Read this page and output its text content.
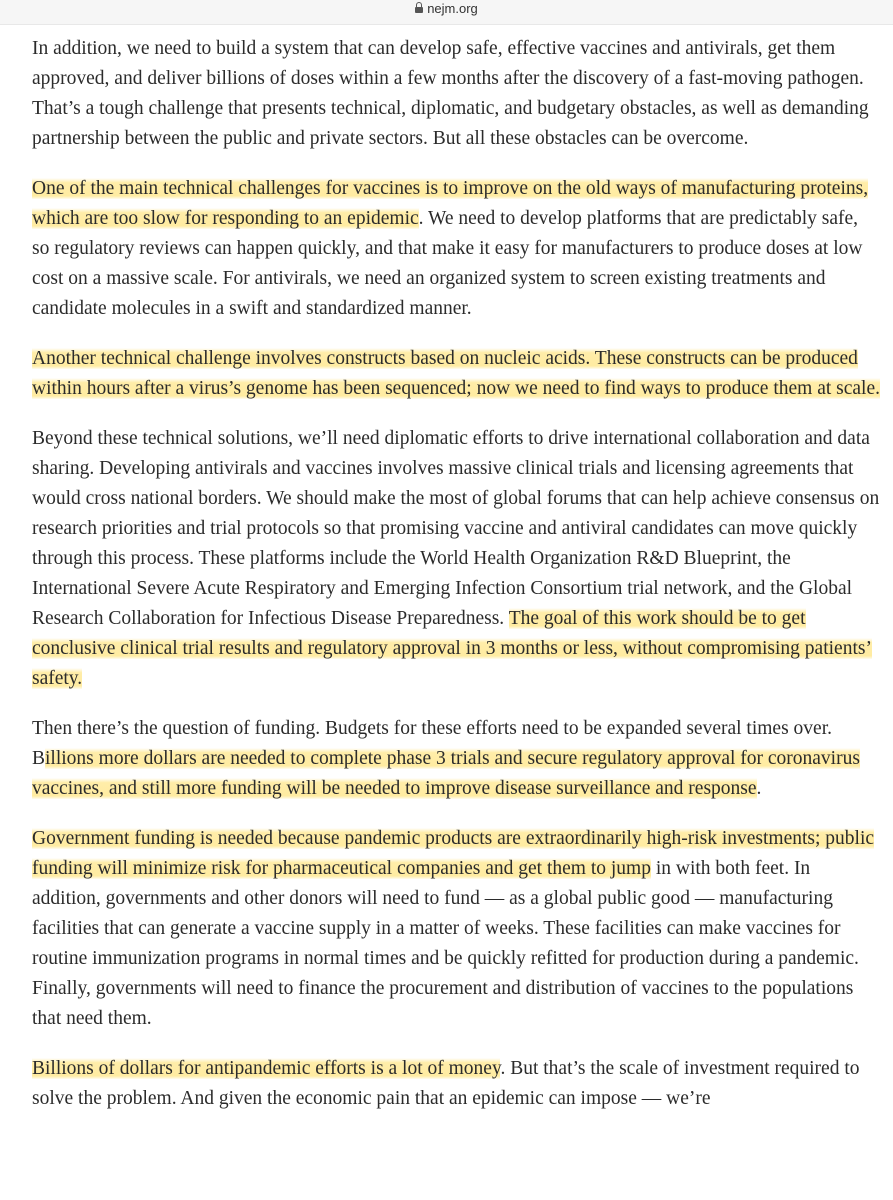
nejm.org

In addition, we need to build a system that can develop safe, effective vaccines and antivirals, get them approved, and deliver billions of doses within a few months after the discovery of a fast-moving pathogen. That’s a tough challenge that presents technical, diplomatic, and budgetary obstacles, as well as demanding partnership between the public and private sectors. But all these obstacles can be overcome.

One of the main technical challenges for vaccines is to improve on the old ways of manufacturing proteins, which are too slow for responding to an epidemic. We need to develop platforms that are predictably safe, so regulatory reviews can happen quickly, and that make it easy for manufacturers to produce doses at low cost on a massive scale. For antivirals, we need an organized system to screen existing treatments and candidate molecules in a swift and standardized manner.

Another technical challenge involves constructs based on nucleic acids. These constructs can be produced within hours after a virus’s genome has been sequenced; now we need to find ways to produce them at scale.

Beyond these technical solutions, we’ll need diplomatic efforts to drive international collaboration and data sharing. Developing antivirals and vaccines involves massive clinical trials and licensing agreements that would cross national borders. We should make the most of global forums that can help achieve consensus on research priorities and trial protocols so that promising vaccine and antiviral candidates can move quickly through this process. These platforms include the World Health Organization R&D Blueprint, the International Severe Acute Respiratory and Emerging Infection Consortium trial network, and the Global Research Collaboration for Infectious Disease Preparedness. The goal of this work should be to get conclusive clinical trial results and regulatory approval in 3 months or less, without compromising patients’ safety.

Then there’s the question of funding. Budgets for these efforts need to be expanded several times over. Billions more dollars are needed to complete phase 3 trials and secure regulatory approval for coronavirus vaccines, and still more funding will be needed to improve disease surveillance and response.

Government funding is needed because pandemic products are extraordinarily high-risk investments; public funding will minimize risk for pharmaceutical companies and get them to jump in with both feet. In addition, governments and other donors will need to fund — as a global public good — manufacturing facilities that can generate a vaccine supply in a matter of weeks. These facilities can make vaccines for routine immunization programs in normal times and be quickly refitted for production during a pandemic. Finally, governments will need to finance the procurement and distribution of vaccines to the populations that need them.

Billions of dollars for antipandemic efforts is a lot of money. But that’s the scale of investment required to solve the problem. And given the economic pain that an epidemic can impose — we’re
